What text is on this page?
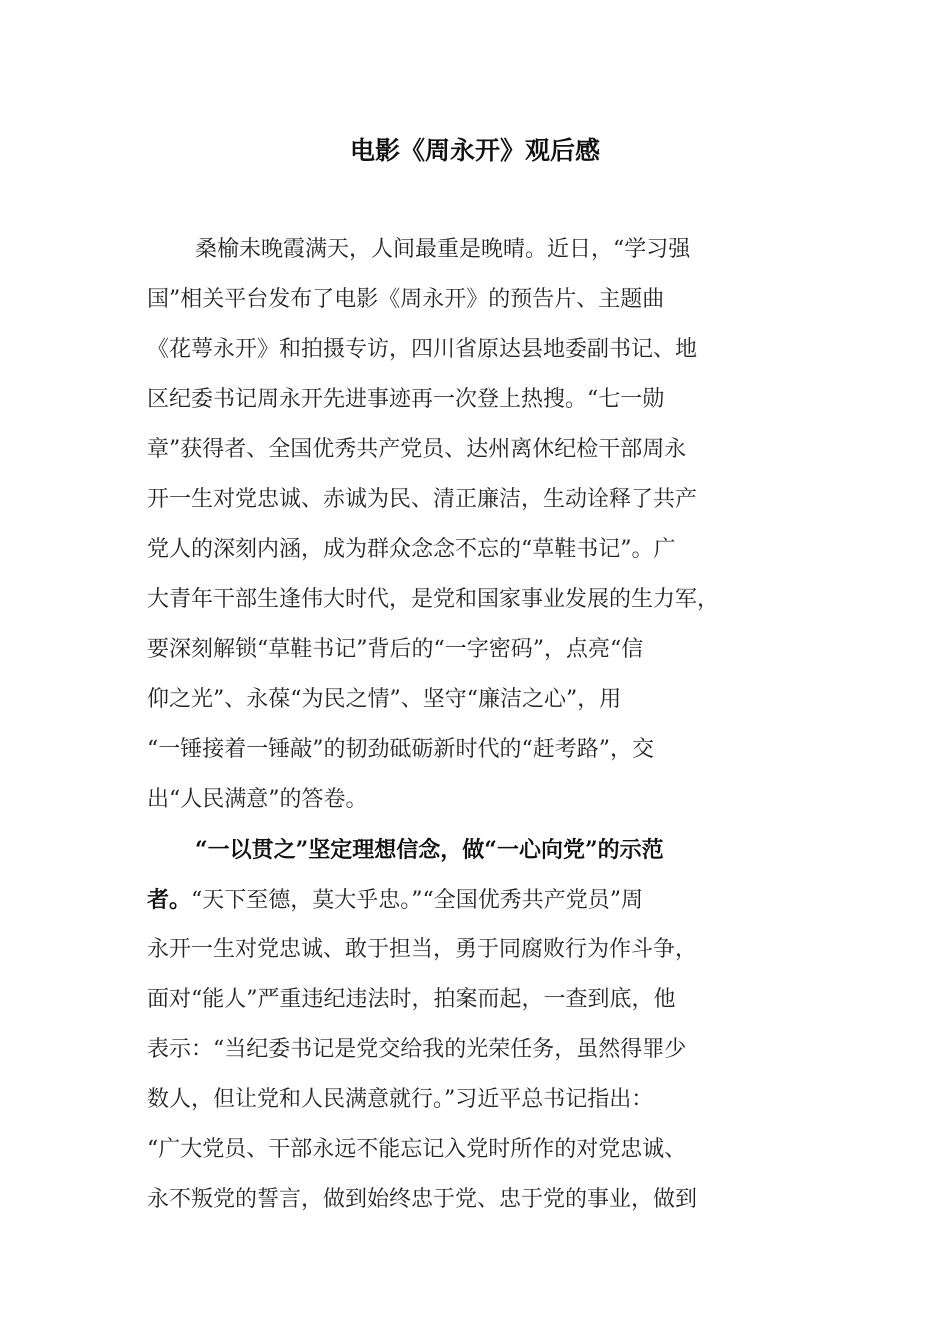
电影《周永开》观后感
桑榆未晚霞满天，人间最重是晚晴。近日，“学习强
国”相关平台发布了电影《周永开》的预告片、主题曲
《花萼永开》和拍摄专访，四川省原达县地委副书记、地
区纪委书记周永开先进事迹再一次登上热搜。“七一勋
章”获得者、全国优秀共产党员、达州离休纪检干部周永
开一生对党忠诚、赤诚为民、清正廉洁，生动诠释了共产
党人的深刻内涵，成为群众念念不忘的“草鞋书记”。广
大青年干部生逢伟大时代，是党和国家事业发展的生力军，
要深刻解锁“草鞋书记”背后的“一字密码”，点亮“信
仰之光”、永葆“为民之情”、坚守“廉洁之心”，用
“一锤接着一锤敲”的韧劲砥砺新时代的“赶考路”，交
出“人民满意”的答卷。
“一以贯之”坚定理想信念，做“一心向党”的示范
者。“天下至德，莫大乎忠。”“全国优秀共产党员”周
永开一生对党忠诚、敢于担当，勇于同腐败行为作斗争，
面对“能人”严重违纪违法时，拍案而起，一查到底，他
表示：“当纪委书记是党交给我的光荣任务，虽然得罪少
数人，但让党和人民满意就行。”习近平总书记指出：
“广大党员、干部永远不能忘记入党时所作的对党忠诚、
永不叛党的誓言，做到始终忠于党、忠于党的事业，做到
